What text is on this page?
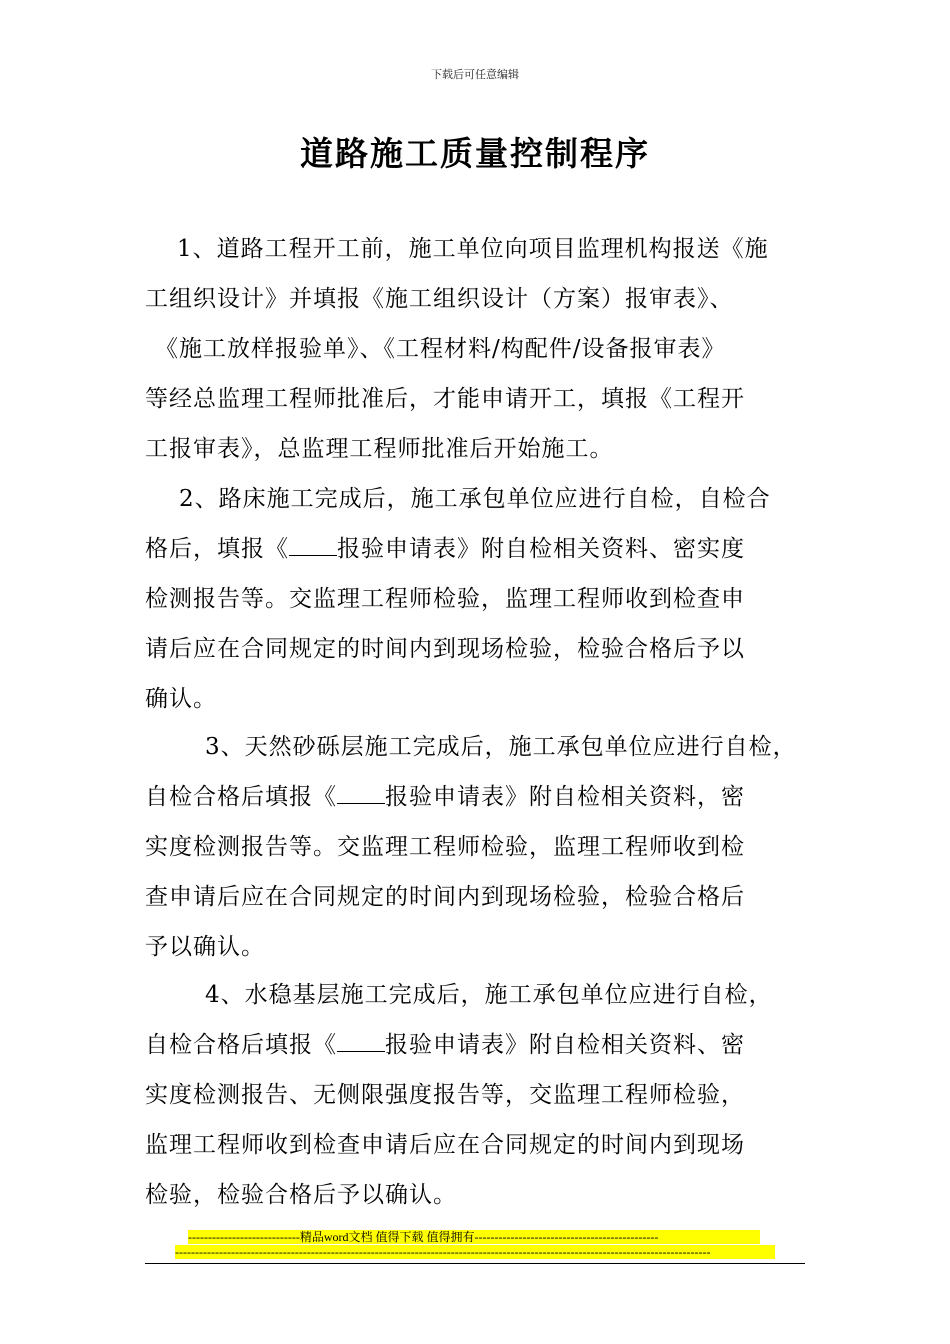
下载后可任意编辑
道路施工质量控制程序
1、道路工程开工前，施工单位向项目监理机构报送《施
工组织设计》并填报《施工组织设计（方案）报审表》、
《施工放样报验单》、《工程材料/构配件/设备报审表》
等经总监理工程师批准后，才能申请开工，填报《工程开
工报审表》，总监理工程师批准后开始施工。
2、路床施工完成后，施工承包单位应进行自检，自检合
格后，填报《 报验申请表》附自检相关资料、密实度
检测报告等。交监理工程师检验，监理工程师收到检查申
请后应在合同规定的时间内到现场检验，检验合格后予以
确认。
3、天然砂砾层施工完成后，施工承包单位应进行自检，
自检合格后填报《 报验申请表》附自检相关资料，密
实度检测报告等。交监理工程师检验，监理工程师收到检
查申请后应在合同规定的时间内到现场检验，检验合格后
予以确认。
4、水稳基层施工完成后，施工承包单位应进行自检，
自检合格后填报《 报验申请表》附自检相关资料、密
实度检测报告、无侧限强度报告等，交监理工程师检验，
监理工程师收到检查申请后应在合同规定的时间内到现场
检验，检验合格后予以确认。
----------------------------精品word文档 值得下载 值得拥有----------------------------------------------
--------------------------------------------------------------------------------------------------------------------------------------
